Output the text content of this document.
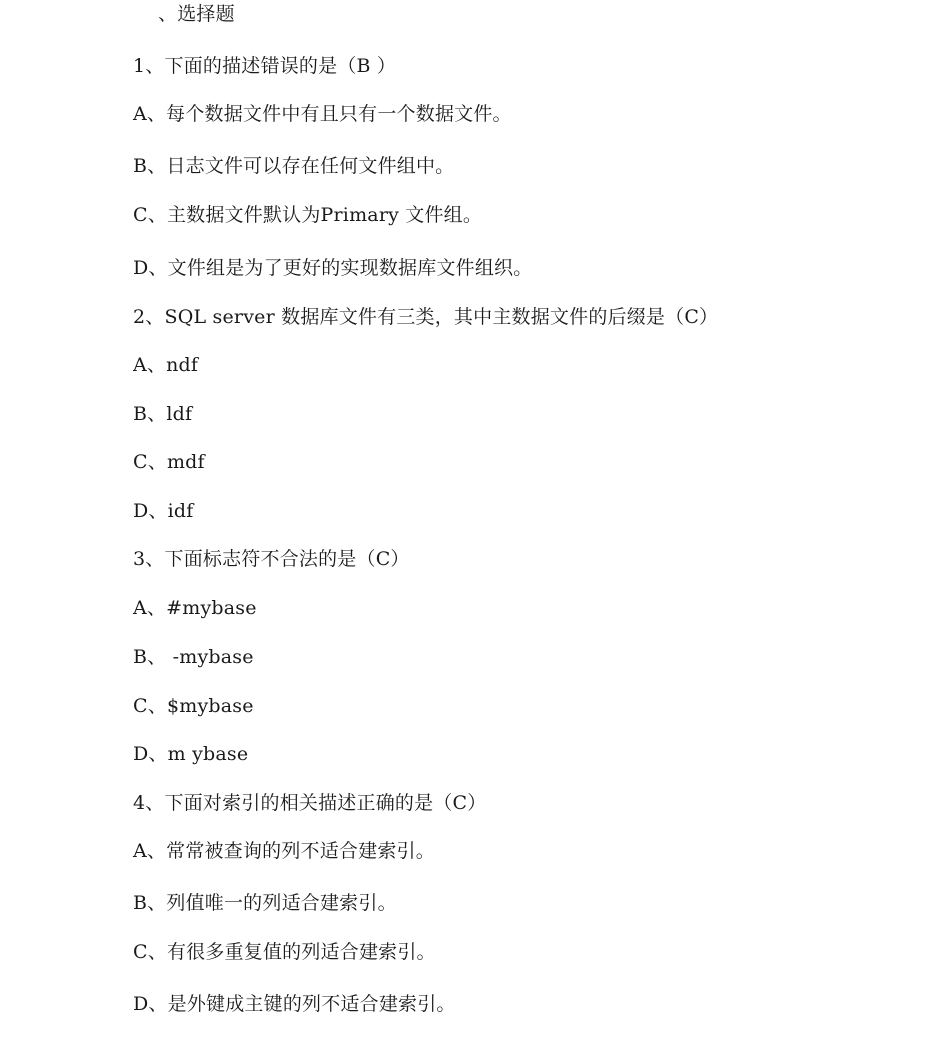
、选择题
1、下面的描述错误的是（B ）
A、每个数据文件中有且只有一个数据文件。
B、日志文件可以存在任何文件组中。
C、主数据文件默认为Primary 文件组。
D、文件组是为了更好的实现数据库文件组织。
2、SQL server 数据库文件有三类，其中主数据文件的后缀是（C）
A、ndf
B、ldf
C、mdf
D、idf
3、下面标志符不合法的是（C）
A、#mybase
B、 -mybase
C、$mybase
D、m ybase
4、下面对索引的相关描述正确的是（C）
A、常常被查询的列不适合建索引。
B、列值唯一的列适合建索引。
C、有很多重复值的列适合建索引。
D、是外键成主键的列不适合建索引。
